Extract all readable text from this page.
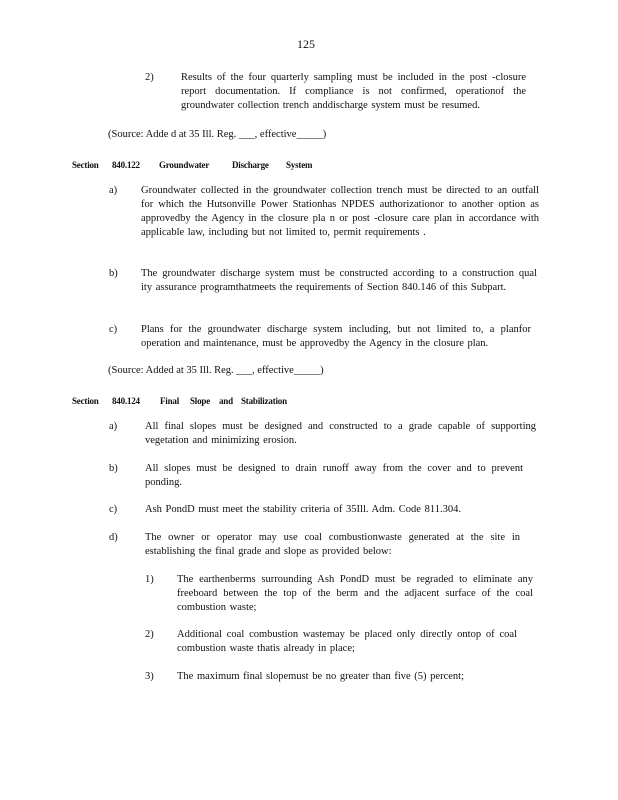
125
2)	Results of the four quarterly sampling must be included in the post -closure report documentation. If compliance is not confirmed, operationof the groundwater collection trench anddischarge system must be resumed.
(Source: Adde d at 35 Ill. Reg. ___, effective_____)
Section 840.122 Groundwater	Discharge System
a) Groundwater collected in the groundwater collection trench must be directed to an outfall for which the Hutsonville Power Stationhas NPDES authorizationor to another option as approvedby the Agency in the closure pla n or post -closure care plan in accordance with applicable law, including but not limited to, permit requirements .
b) The groundwater discharge system must be constructed according to a construction qual ity assurance programthatmeets the requirements of Section 840.146 of this Subpart.
c) Plans for the groundwater discharge system including, but not limited to, a planfor operation and maintenance, must be approvedby the Agency in the closure plan.
(Source: Added at 35 Ill. Reg. ___, effective_____)
Section 840.124 Final Slope and Stabilization
a)	All final slopes must be designed and constructed to a grade capable of supporting vegetation and minimizing erosion.
b)	All slopes must be designed to drain runoff away from the cover and to prevent ponding.
c)	Ash PondD must meet the stability criteria of 35Ill. Adm. Code 811.304.
d)	The owner or operator may use coal combustionwaste generated at the site in establishing the final grade and slope as provided below:
1) The earthenberms surrounding Ash PondD must be regraded to eliminate any freeboard between the top of the berm and the adjacent surface of the coal combustion waste;
2) Additional coal combustion wastemay be placed only directly ontop of coal combustion waste thatis already in place;
3) The maximum final slopemust be no greater than five (5) percent;
